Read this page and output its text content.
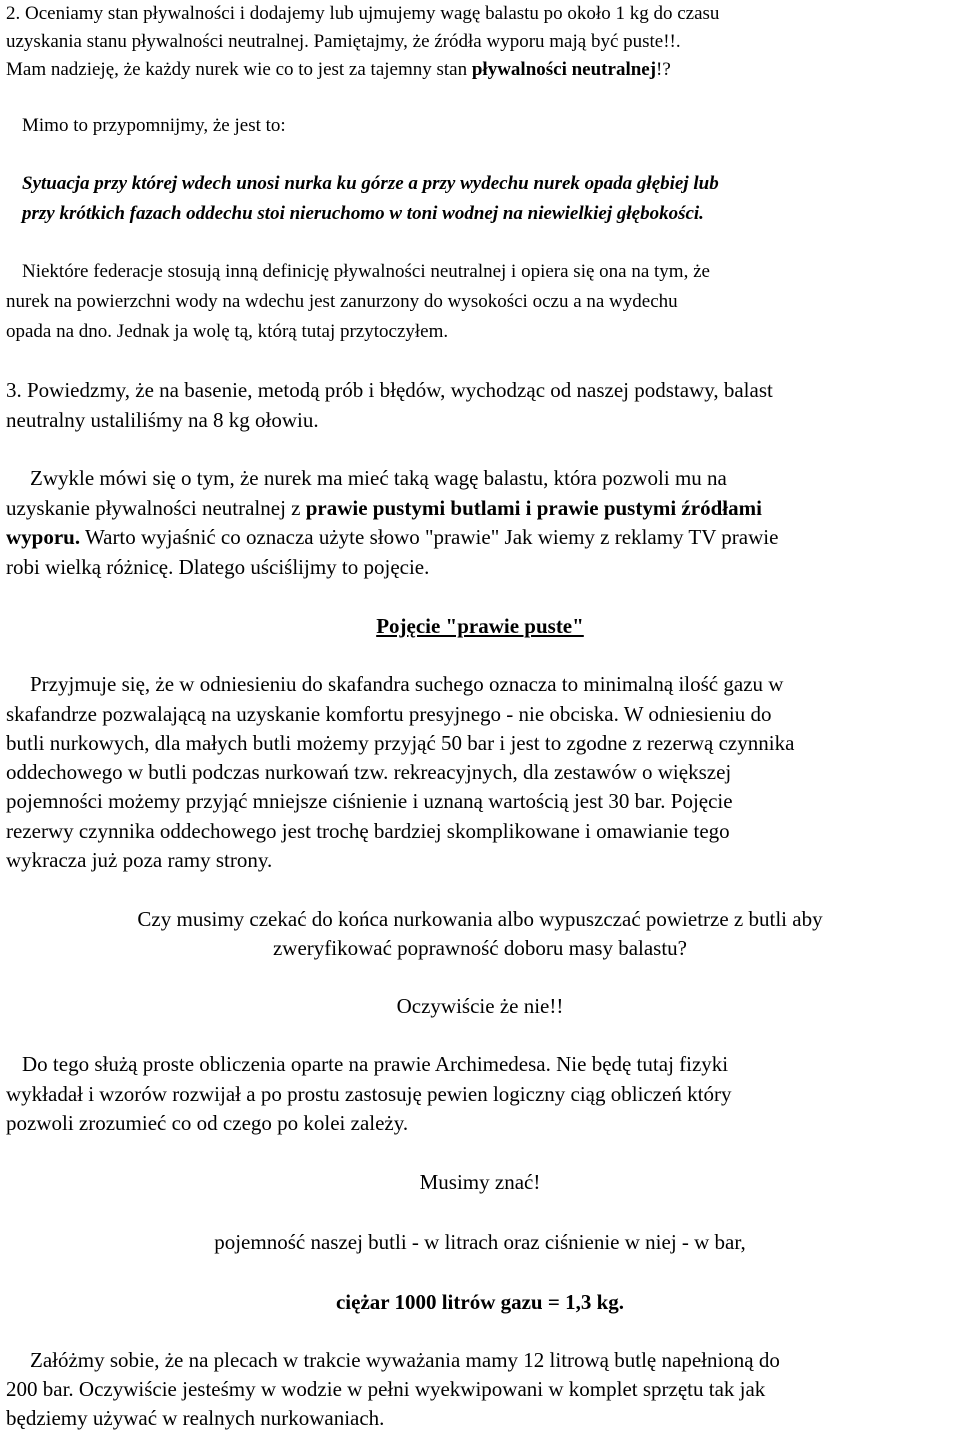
2. Oceniamy stan pływalności i dodajemy lub ujmujemy wagę balastu po około 1 kg do czasu
uzyskania stanu pływalności neutralnej. Pamiętajmy, że źródła wyporu mają być puste!!.
Mam nadzieję, że każdy nurek wie co to jest za tajemny stan pływalności neutralnej!?
Mimo to przypomnijmy, że jest to:
Sytuacja przy której wdech unosi nurka ku górze a przy wydechu nurek opada głębiej lub
przy krótkich fazach oddechu stoi nieruchomo w toni wodnej na niewielkiej głębokości.
Niektóre federacje stosują inną definicję pływalności neutralnej i opiera się ona na tym, że
nurek na powierzchni wody na wdechu jest zanurzony do wysokości oczu a na wydechu
opada na dno. Jednak ja wolę tą, którą tutaj przytoczyłem.
3. Powiedzmy, że na basenie, metodą prób i błędów, wychodząc od naszej podstawy, balast
neutralny ustaliliśmy na 8 kg ołowiu.
Zwykle mówi się o tym, że nurek ma mieć taką wagę balastu, która pozwoli mu na
uzyskanie pływalności neutralnej z prawie pustymi butlami i prawie pustymi źródłami
wyporu. Warto wyjaśnić co oznacza użyte słowo "prawie" Jak wiemy z reklamy TV prawie
robi wielką różnicę. Dlatego uściślijmy to pojęcie.
Pojęcie "prawie puste"
Przyjmuje się, że w odniesieniu do skafandra suchego oznacza to minimalną ilość gazu w
skafandrze pozwalającą na uzyskanie komfortu presyjnego - nie obciska. W odniesieniu do
butli nurkowych, dla małych butli możemy przyjąć 50 bar i jest to zgodne z rezerwą czynnika
oddechowego w butli podczas nurkowań tzw. rekreacyjnych, dla zestawów o większej
pojemności możemy przyjąć mniejsze ciśnienie i uznaną wartością jest 30 bar. Pojęcie
rezerwy czynnika oddechowego jest trochę bardziej skomplikowane i omawianie tego
wykracza już poza ramy strony.
Czy musimy czekać do końca nurkowania albo wypuszczać powietrze z butli aby
zweryfikować poprawność doboru masy balastu?
Oczywiście że nie!!
Do tego służą proste obliczenia oparte na prawie Archimedesa. Nie będę tutaj fizyki
wykładał i wzorów rozwijał a po prostu zastosuję pewien logiczny ciąg obliczeń który
pozwoli zrozumieć co od czego po kolei zależy.
Musimy znać!
pojemność naszej butli - w litrach oraz ciśnienie w niej - w bar,
ciężar 1000 litrów gazu = 1,3 kg.
Załóżmy sobie, że na plecach w trakcie wyważania mamy 12 litrową butlę napełnioną do
200 bar. Oczywiście jesteśmy w wodzie w pełni wyekwipowani w komplet sprzętu tak jak
będziemy używać w realnych nurkowaniach.
